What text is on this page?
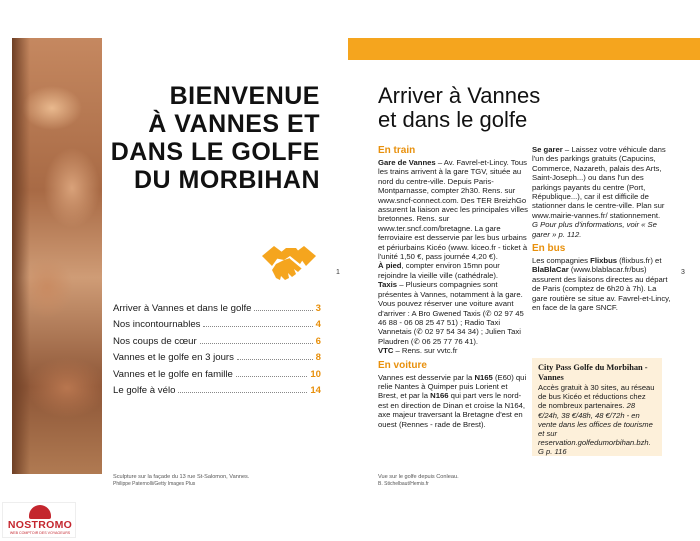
BIENVENUE
À VANNES ET
DANS LE GOLFE
DU MORBIHAN
Arriver à Vannes et dans le golfe	3
Nos incontournables	4
Nos coups de cœur	6
Vannes et le golfe en 3 jours	8
Vannes et le golfe en famille	10
Le golfe à vélo	14
1
Sculpture sur la façade du 13 rue St-Salomon, Vannes.
Philippe Paternolli/Getty Images Plus
NOSTROMO
WEB COMPTOIR DES VOYAGEURS
Arriver à Vannes
et dans le golfe
En train

Gare de Vannes – Av. Favrel-et-Lincy. Tous les trains arrivent à la gare TGV, située au nord du centre-ville. Depuis Paris-Montparnasse, compter 2h30. Rens. sur www.sncf-connect.com. Des TER BreizhGo assurent la liaison avec les principales villes bretonnes. Rens. sur www.ter.sncf.com/bretagne. La gare ferroviaire est desservie par les bus urbains et périurbains Kicéo (www. kiceo.fr - ticket à l'unité 1,50 €, pass journée 4,20 €).

À pied, compter environ 15mn pour rejoindre la vieille ville (cathédrale).

Taxis – Plusieurs compagnies sont présentes à Vannes, notamment à la gare. Vous pouvez réserver une voiture avant d'arriver : A Bro Gwened Taxis (✆ 02 97 45 46 88 - 06 08 25 47 51) ; Radio Taxi Vannetais (✆ 02 97 54 34 34) ; Julien Taxi Plaudren (✆ 06 25 77 76 41).

VTC – Rens. sur vvtc.fr

En voiture

Vannes est desservie par la N165 (E60) qui relie Nantes à Quimper puis Lorient et Brest, et par la N166 qui part vers le nord-est en direction de Dinan et croise la N164, axe majeur traversant la Bretagne d'est en ouest (Rennes - rade de Brest).

Se garer – Laissez votre véhicule dans l'un des parkings gratuits (Capucins, Commerce, Nazareth, palais des Arts, Saint-Joseph...) ou dans l'un des parkings payants du centre (Port, République...), car il est difficile de stationner dans le centre-ville. Plan sur www.mairie-vannes.fr/ stationnement.

G Pour plus d'informations, voir « Se garer » p. 112.

En bus

Les compagnies Flixbus (flixbus.fr) et BlaBlaCar (www.blablacar.fr/bus) assurent des liaisons directes au départ de Paris (comptez de 6h20 à 7h). La gare routière se situe av. Favrel-et-Lincy, en face de la gare SNCF.

3
City Pass Golfe du Morbihan - Vannes

Accès gratuit à 30 sites, au réseau de bus Kicéo et réductions chez de nombreux partenaires. 28 €/24h, 38 €/48h, 48 €/72h - en vente dans les offices de tourisme et sur reservation.golfedumorbihan.bzh.

G p. 116

Vue sur le golfe depuis Conleau.
B. Stichelbaut/Hemis.fr
